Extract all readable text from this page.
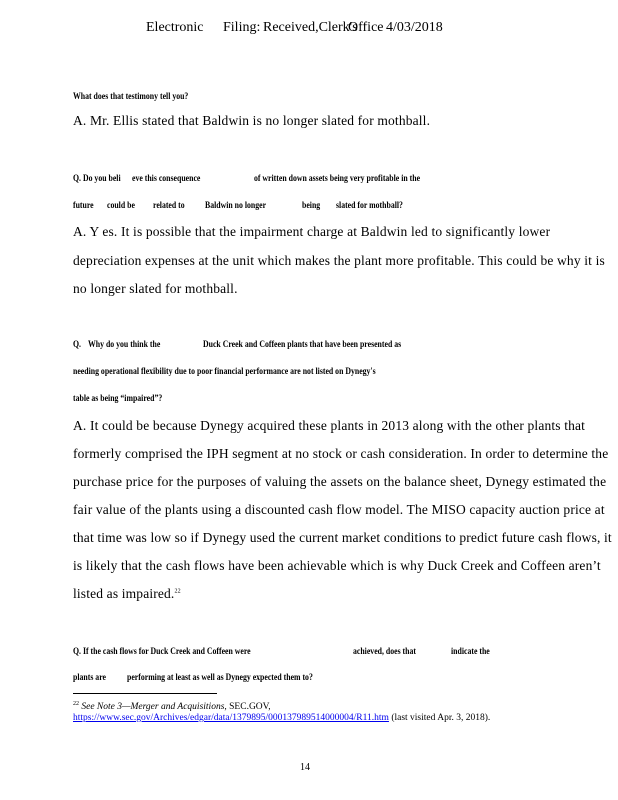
Electronic Filing: Received,Clerk's
Office 4/03/2018
What does that testimony tell you?
A. Mr. Ellis stated that Baldwin is no longer slated for mothball.
Q. Do you beli eve this consequence	of written down assets being very profitable in the
future could be related to Baldwin no longer	being slated for mothball?
A. Y es. It is possible that the impairment charge at Baldwin led to significantly lower
depreciation expenses at the unit which makes the plant more profitable. This could be why it is
no longer slated for mothball.
Q. Why do you think the	Duck Creek and Coffeen plants that have been presented as
needing operational flexibility due to poor financial performance are not listed on Dynegy's
table as being “impaired”?
A. It could be because Dynegy acquired these plants in 2013 along with the other plants that
formerly comprised the IPH segment at no stock or cash consideration. In order to determine the
purchase price for the purposes of valuing the assets on the balance sheet, Dynegy estimated the
fair value of the plants using a discounted cash flow model. The MISO capacity auction price at
that time was low so if Dynegy used the current market conditions to predict future cash flows, it
is likely that the cash flows have been achievable which is why Duck Creek and Coffeen aren’t
listed as impaired.$^{22}$
Q. If the cash flows for Duck Creek and Coffeen were	achieved, does that	indicate the
plants are performing at least as well as Dynegy expected them to?
$^{22}$ See Note 3—Merger and Acquisitions, SEC.GOV,
https://www.sec.gov/Archives/edgar/data/1379895/000137989514000004/R11.htm (last visited Apr. 3, 2018).
14
